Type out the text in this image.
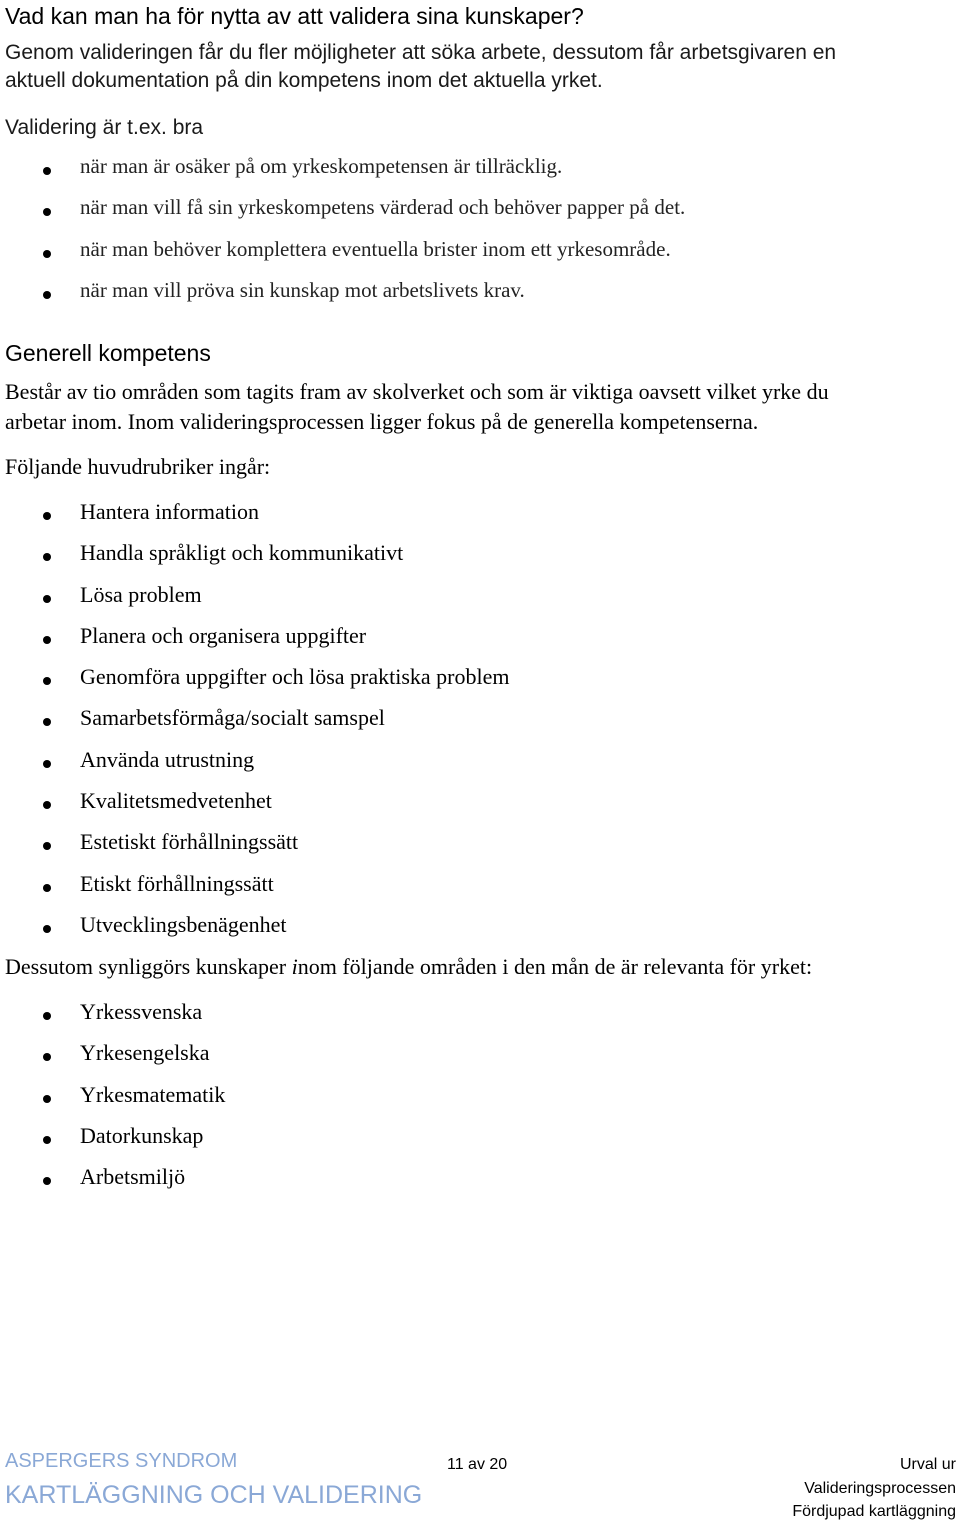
Vad kan man ha för nytta av att validera sina kunskaper?
Genom valideringen får du fler möjligheter att söka arbete, dessutom får arbetsgivaren en
aktuell dokumentation på din kompetens inom det aktuella yrket.
Validering är t.ex. bra
när man är osäker på om yrkeskompetensen är tillräcklig.
när man vill få sin yrkeskompetens värderad och behöver papper på det.
när man behöver komplettera eventuella brister inom ett yrkesområde.
när man vill pröva sin kunskap mot arbetslivets krav.
Generell kompetens
Består av tio områden som tagits fram av skolverket och som är viktiga oavsett vilket yrke du
arbetar inom. Inom valideringsprocessen ligger fokus på de generella kompetenserna.
Följande huvudrubriker ingår:
Hantera information
Handla språkligt och kommunikativt
Lösa problem
Planera och organisera uppgifter
Genomföra uppgifter och lösa praktiska problem
Samarbetsförmåga/socialt samspel
Använda utrustning
Kvalitetsmedvetenhet
Estetiskt förhållningssätt
Etiskt förhållningssätt
Utvecklingsbenägenhet
Dessutom synliggörs kunskaper inom följande områden i den mån de är relevanta för yrket:
Yrkessvenska
Yrkesengelska
Yrkesmatematik
Datorkunskap
Arbetsmiljö
ASPERGERS SYNDROM
KARTLÄGGNING OCH VALIDERING
11 av 20	Urval ur
Valideringsprocessen
Fördjupad kartläggning
